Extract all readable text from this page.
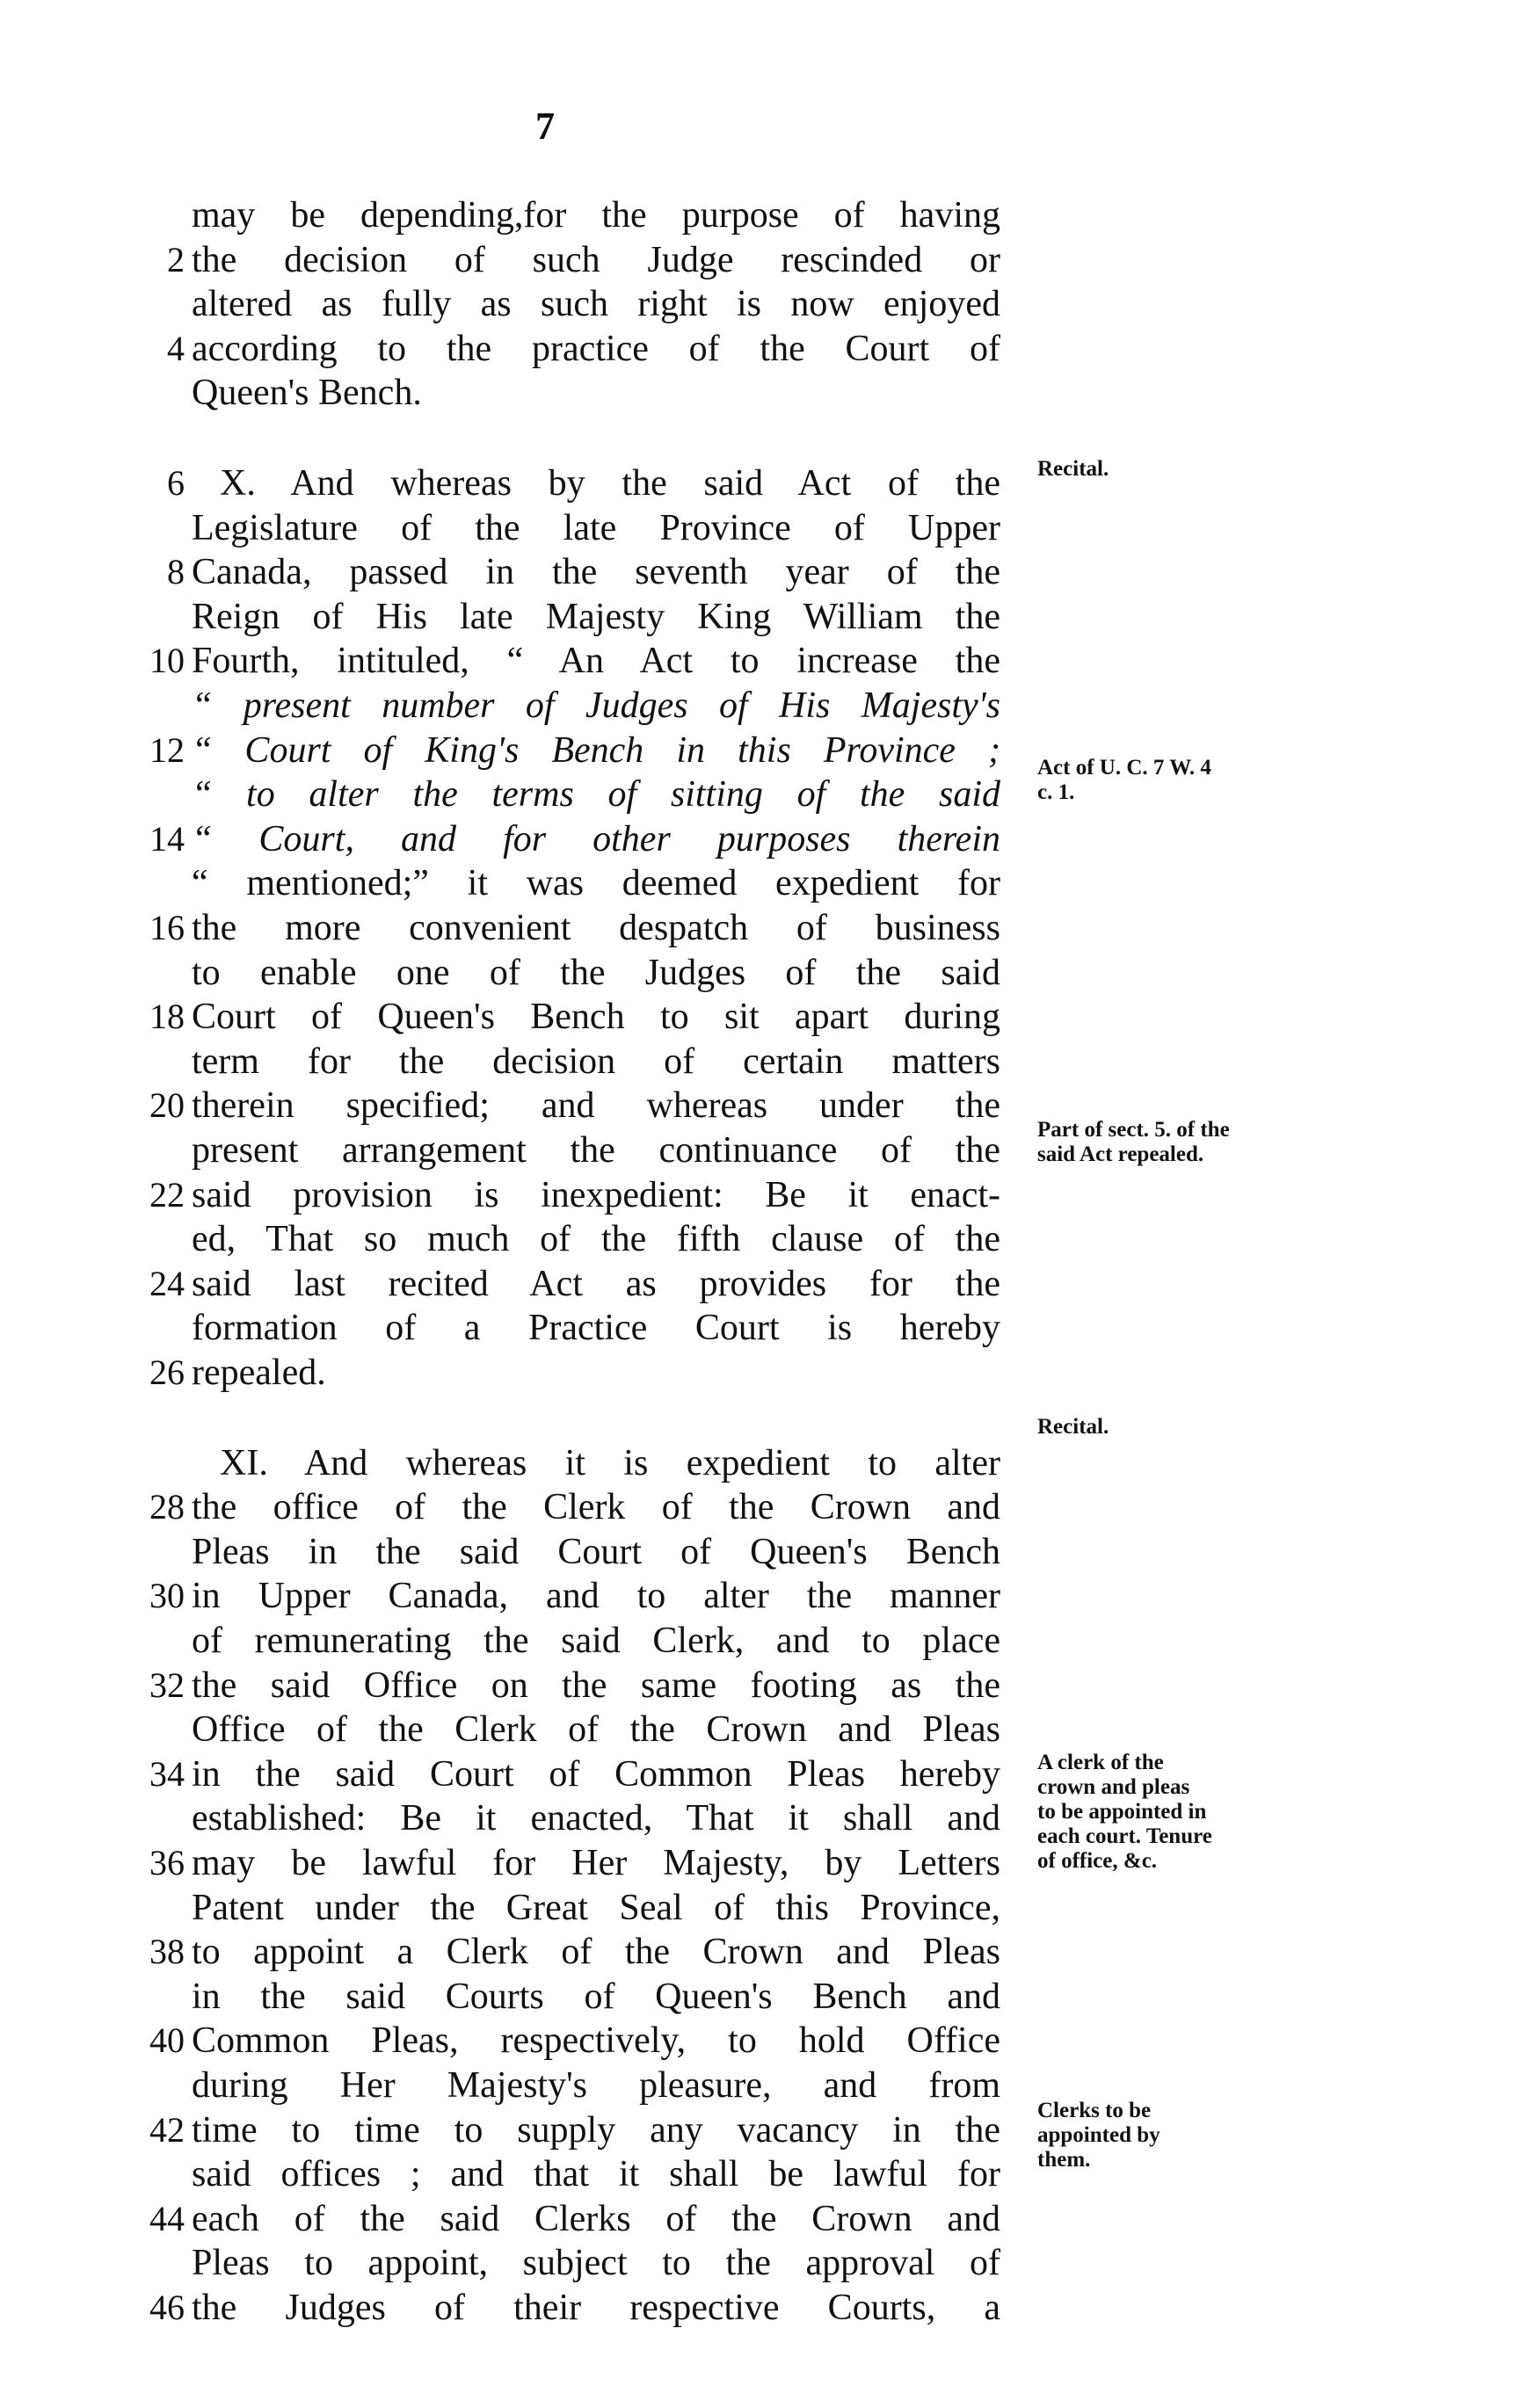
7
may be depending,for the purpose of having
2 the decision of such Judge rescinded or
altered as fully as such right is now enjoyed
4 according to the practice of the Court of
Queen's Bench.
6 X. And whereas by the said Act of the
Legislature of the late Province of Upper
8 Canada, passed in the seventh year of the
Reign of His late Majesty King William the
10 Fourth, intituled, “ An Act to increase the
“ present number of Judges of His Majesty's
12 “ Court of King's Bench in this Province ;
“ to alter the terms of sitting of the said
14 “ Court, and for other purposes therein
“ mentioned;” it was deemed expedient for
16 the more convenient despatch of business
to enable one of the Judges of the said
18 Court of Queen's Bench to sit apart during
term for the decision of certain matters
20 therein specified; and whereas under the
present arrangement the continuance of the
22 said provision is inexpedient: Be it enact-
ed, That so much of the fifth clause of the
24 said last recited Act as provides for the
formation of a Practice Court is hereby
26 repealed.
XI. And whereas it is expedient to alter
28 the office of the Clerk of the Crown and
Pleas in the said Court of Queen's Bench
30 in Upper Canada, and to alter the manner
of remunerating the said Clerk, and to place
32 the said Office on the same footing as the
Office of the Clerk of the Crown and Pleas
34 in the said Court of Common Pleas hereby
established: Be it enacted, That it shall and
36 may be lawful for Her Majesty, by Letters
Patent under the Great Seal of this Province,
38 to appoint a Clerk of the Crown and Pleas
in the said Courts of Queen's Bench and
40 Common Pleas, respectively, to hold Office
during Her Majesty's pleasure, and from
42 time to time to supply any vacancy in the
said offices ; and that it shall be lawful for
44 each of the said Clerks of the Crown and
Pleas to appoint, subject to the approval of
46 the Judges of their respective Courts, a
Recital.
Act of U. C. 7 W. 4 c. 1.
Part of sect. 5. of the said Act repealed.
Recital.
A clerk of the crown and pleas to be appointed in each court. Tenure of office, &c.
Clerks to be appointed by them.
